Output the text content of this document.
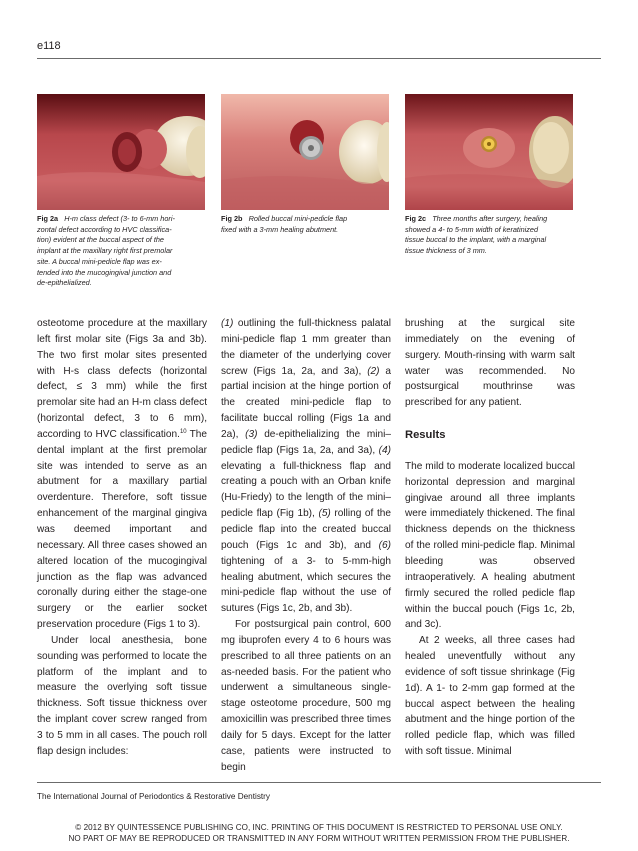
e118
Fig 2a H-m class defect (3- to 6-mm hori-
zontal defect according to HVC classifica-
tion) evident at the buccal aspect of the
implant at the maxillary right first premolar
site. A buccal mini-pedicle flap was ex-
tended into the mucogingival junction and
de-epithelialized.
Fig 2b Rolled buccal mini-pedicle flap
fixed with a 3-mm healing abutment.
Fig 2c Three months after surgery, healing
showed a 4- to 5-mm width of keratinized
tissue buccal to the implant, with a marginal
tissue thickness of 3 mm.

osteotome procedure at the maxillary left first molar site (Figs 3a and 3b). The two first molar sites presented with H-s class defects (horizontal defect, ≤ 3 mm) while the first premolar site had an H-m class defect (horizontal defect, 3 to 6 mm), according to HVC classification.$^{10}$ The dental implant at the first premolar site was intended to serve as an abutment for a maxillary partial overdenture. Therefore, soft tissue enhancement of the marginal gingiva was deemed important and necessary. All three cases showed an altered location of the mucogingival junction as the flap was advanced coronally during either the stage-one surgery or the earlier socket preservation procedure (Figs 1 to 3).

Under local anesthesia, bone sounding was performed to locate the platform of the implant and to measure the overlying soft tissue thickness. Soft tissue thickness over the implant cover screw ranged from 3 to 5 mm in all cases. The pouch roll flap design includes:

(1) outlining the full-thickness palatal mini-pedicle flap 1 mm greater than the diameter of the underlying cover screw (Figs 1a, 2a, and 3a), (2) a partial incision at the hinge portion of the created mini-pedicle flap to facilitate buccal rolling (Figs 1a and 2a), (3) de-epithelializing the mini–pedicle flap (Figs 1a, 2a, and 3a), (4) elevating a full-thickness flap and creating a pouch with an Orban knife (Hu-Friedy) to the length of the mini–pedicle flap (Fig 1b), (5) rolling of the pedicle flap into the created buccal pouch (Figs 1c and 3b), and (6) tightening of a 3- to 5-mm-high healing abutment, which secures the mini-pedicle flap without the use of sutures (Figs 1c, 2b, and 3b).

For postsurgical pain control, 600 mg ibuprofen every 4 to 6 hours was prescribed to all three patients on an as-needed basis. For the patient who underwent a simultaneous single-stage osteotome procedure, 500 mg amoxicillin was prescribed three times daily for 5 days. Except for the latter case, patients were instructed to begin

brushing at the surgical site immediately on the evening of surgery. Mouth-rinsing with warm salt water was recommended. No postsurgical mouthrinse was prescribed for any patient.

Results

The mild to moderate localized buccal horizontal depression and marginal gingivae around all three implants were immediately thickened. The final thickness depends on the thickness of the rolled mini-pedicle flap. Minimal bleeding was observed intraoperatively. A healing abutment firmly secured the rolled pedicle flap within the buccal pouch (Figs 1c, 2b, and 3c).

At 2 weeks, all three cases had healed uneventfully without any evidence of soft tissue shrinkage (Fig 1d). A 1- to 2-mm gap formed at the buccal aspect between the healing abutment and the hinge portion of the rolled pedicle flap, which was filled with soft tissue. Minimal

The International Journal of Periodontics & Restorative Dentistry
© 2012 BY QUINTESSENCE PUBLISHING CO, INC. PRINTING OF THIS DOCUMENT IS RESTRICTED TO PERSONAL USE ONLY.
NO PART OF MAY BE REPRODUCED OR TRANSMITTED IN ANY FORM WITHOUT WRITTEN PERMISSION FROM THE PUBLISHER.
